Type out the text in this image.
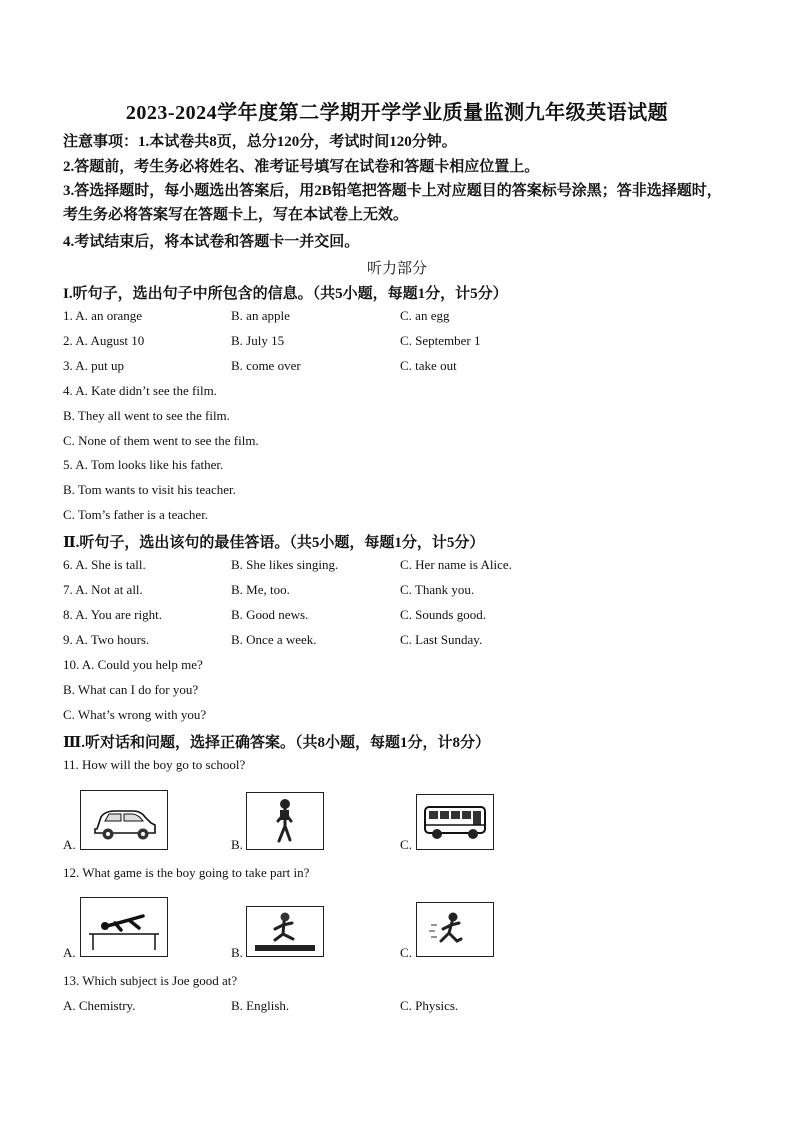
2023-2024学年度第二学期开学学业质量监测九年级英语试题
注意事项：1.本试卷共8页，总分120分，考试时间120分钟。
2.答题前，考生务必将姓名、准考证号填写在试卷和答题卡相应位置上。
3.答选择题时，每小题选出答案后，用2B铅笔把答题卡上对应题目的答案标号涂黑；答非选择题时，考生务必将答案写在答题卡上，写在本试卷上无效。
4.考试结束后，将本试卷和答题卡一并交回。
听力部分
I.听句子，选出句子中所包含的信息。（共5小题，每题1分，计5分）
1. A. an orange	B. an apple	C. an egg
2. A. August 10	B. July 15	C. September 1
3. A. put up	B. come over	C. take out
4. A. Kate didn’t see the film.
B. They all went to see the film.
C. None of them went to see the film.
5. A. Tom looks like his father.
B. Tom wants to visit his teacher.
C. Tom’s father is a teacher.
Ⅱ.听句子，选出该句的最佳答语。（共5小题，每题1分，计5分）
6. A. She is tall.	B. She likes singing.	C. Her name is Alice.
7. A. Not at all.	B. Me, too.	C. Thank you.
8. A. You are right.	B. Good news.	C. Sounds good.
9. A. Two hours.	B. Once a week.	C. Last Sunday.
10. A. Could you help me?
B. What can I do for you?
C. What’s wrong with you?
Ⅲ.听对话和问题，选择正确答案。（共8小题，每题1分，计8分）
11. How will the boy go to school?
A.	B.	C.
12. What game is the boy going to take part in?
A.	B.	C.
13. Which subject is Joe good at?
A. Chemistry.	B. English.	C. Physics.
